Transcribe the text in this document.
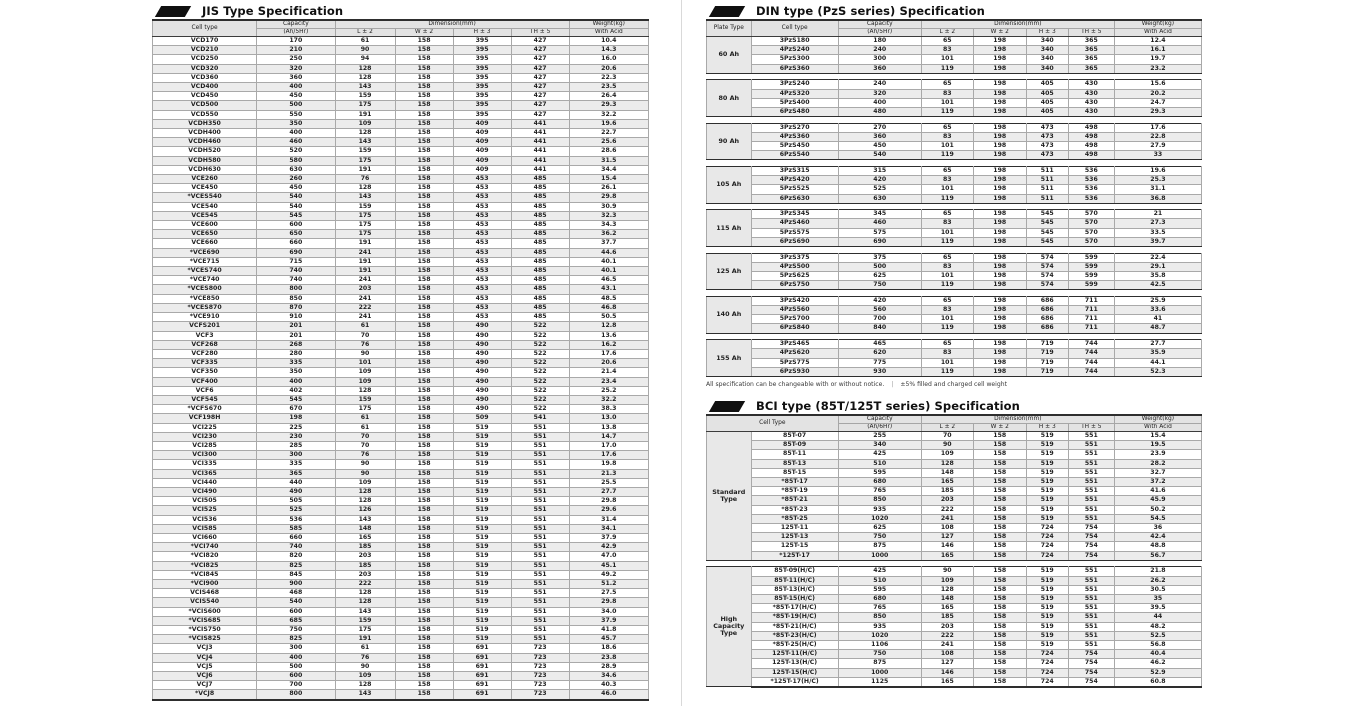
JIS Type Specification
Cell type	Capacity	Dimension(mm)				Weight(kg)
	(Ah/5Hr)	L ± 2	W ± 2	H ± 3	TH ± 5	With Acid
VCD170	170	61	158	395	427	10.4
VCD210	210	90	158	395	427	14.3
VCD250	250	94	158	395	427	16.0
VCD320	320	128	158	395	427	20.6
VCD360	360	128	158	395	427	22.3
VCD400	400	143	158	395	427	23.5
VCD450	450	159	158	395	427	26.4
VCD500	500	175	158	395	427	29.3
VCD550	550	191	158	395	427	32.2
VCDH350	350	109	158	409	441	19.6
VCDH400	400	128	158	409	441	22.7
VCDH460	460	143	158	409	441	25.6
VCDH520	520	159	158	409	441	28.6
VCDH580	580	175	158	409	441	31.5
VCDH630	630	191	158	409	441	34.4
VCE260	260	76	158	453	485	15.4
VCE450	450	128	158	453	485	26.1
*VCES540	540	143	158	453	485	29.8
VCE540	540	159	158	453	485	30.9
VCE545	545	175	158	453	485	32.3
VCE600	600	175	158	453	485	34.3
VCE650	650	175	158	453	485	36.2
VCE660	660	191	158	453	485	37.7
*VCE690	690	241	158	453	485	44.6
*VCE715	715	191	158	453	485	40.1
*VCES740	740	191	158	453	485	40.1
*VCE740	740	241	158	453	485	46.5
*VCES800	800	203	158	453	485	43.1
*VCE850	850	241	158	453	485	48.5
*VCES870	870	222	158	453	485	46.8
*VCE910	910	241	158	453	485	50.5
VCFS201	201	61	158	490	522	12.8
VCF3	201	70	158	490	522	13.6
VCF268	268	76	158	490	522	16.2
VCF280	280	90	158	490	522	17.6
VCF335	335	101	158	490	522	20.6
VCF350	350	109	158	490	522	21.4
VCF400	400	109	158	490	522	23.4
VCF6	402	128	158	490	522	25.2
VCF545	545	159	158	490	522	32.2
*VCFS670	670	175	158	490	522	38.3
VCF198H	198	61	158	509	541	13.0
VCI225	225	61	158	519	551	13.8
VCI230	230	70	158	519	551	14.7
VCI285	285	70	158	519	551	17.0
VCI300	300	76	158	519	551	17.6
VCI335	335	90	158	519	551	19.8
VCI365	365	90	158	519	551	21.3
VCI440	440	109	158	519	551	25.5
VCI490	490	128	158	519	551	27.7
VCI505	505	128	158	519	551	29.8
VCI525	525	126	158	519	551	29.6
VCI536	536	143	158	519	551	31.4
VCI585	585	148	158	519	551	34.1
VCI660	660	165	158	519	551	37.9
*VCI740	740	185	158	519	551	42.9
*VCI820	820	203	158	519	551	47.0
*VCI825	825	185	158	519	551	45.1
*VCI845	845	203	158	519	551	49.2
*VCI900	900	222	158	519	551	51.2
VCIS468	468	128	158	519	551	27.5
VCIS540	540	128	158	519	551	29.8
*VCIS600	600	143	158	519	551	34.0
*VCIS685	685	159	158	519	551	37.9
*VCIS750	750	175	158	519	551	41.8
*VCIS825	825	191	158	519	551	45.7
VCJ3	300	61	158	691	723	18.6
VCJ4	400	76	158	691	723	23.8
VCJ5	500	90	158	691	723	28.9
VCJ6	600	109	158	691	723	34.6
VCJ7	700	128	158	691	723	40.3
*VCJ8	800	143	158	691	723	46.0
DIN type (PzS series) Specification
Plate Type	Cell type	Capacity	Dimension(mm)				Weight(kg)
		(Ah/5Hr)	L ± 2	W ± 2	H ± 3	TH ± 5	With Acid
60 Ah	3PzS180	180	65	198	340	365	12.4
	4PzS240	240	83	198	340	365	16.1
	5PzS300	300	101	198	340	365	19.7
	6PzS360	360	119	198	340	365	23.2

80 Ah	3PzS240	240	65	198	405	430	15.6
	4PzS320	320	83	198	405	430	20.2
	5PzS400	400	101	198	405	430	24.7
	6PzS480	480	119	198	405	430	29.3

90 Ah	3PzS270	270	65	198	473	498	17.6
	4PzS360	360	83	198	473	498	22.8
	5PzS450	450	101	198	473	498	27.9
	6PzS540	540	119	198	473	498	33

105 Ah	3PzS315	315	65	198	511	536	19.6
	4PzS420	420	83	198	511	536	25.3
	5PzS525	525	101	198	511	536	31.1
	6PzS630	630	119	198	511	536	36.8

115 Ah	3PzS345	345	65	198	545	570	21
	4PzS460	460	83	198	545	570	27.3
	5PzS575	575	101	198	545	570	33.5
	6PzS690	690	119	198	545	570	39.7

125 Ah	3PzS375	375	65	198	574	599	22.4
	4PzS500	500	83	198	574	599	29.1
	5PzS625	625	101	198	574	599	35.8
	6PzS750	750	119	198	574	599	42.5

140 Ah	3PzS420	420	65	198	686	711	25.9
	4PzS560	560	83	198	686	711	33.6
	5PzS700	700	101	198	686	711	41
	6PzS840	840	119	198	686	711	48.7

155 Ah	3PzS465	465	65	198	719	744	27.7
	4PzS620	620	83	198	719	744	35.9
	5PzS775	775	101	198	719	744	44.1
	6PzS930	930	119	198	719	744	52.3
All specification can be changeable with or without notice. | ±5% filled and charged cell weight
BCI type (85T/125T series) Specification
Cell Type		Capacity	Dimension(mm)				Weight(kg)
		(Ah/6Hr)	L ± 2	W ± 2	H ± 3	TH ± 5	With Acid
Standard Type	85T-07	255	70	158	519	551	15.4
	85T-09	340	90	158	519	551	19.5
	85T-11	425	109	158	519	551	23.9
	85T-13	510	128	158	519	551	28.2
	85T-15	595	148	158	519	551	32.7
	*85T-17	680	165	158	519	551	37.2
	*85T-19	765	185	158	519	551	41.6
	*85T-21	850	203	158	519	551	45.9
	*85T-23	935	222	158	519	551	50.2
	*85T-25	1020	241	158	519	551	54.5
	125T-11	625	108	158	724	754	36
	125T-13	750	127	158	724	754	42.4
	125T-15	875	146	158	724	754	48.8
	*125T-17	1000	165	158	724	754	56.7

High Capacity Type	85T-09(H/C)	425	90	158	519	551	21.8
	85T-11(H/C)	510	109	158	519	551	26.2
	85T-13(H/C)	595	128	158	519	551	30.5
	85T-15(H/C)	680	148	158	519	551	35
	*85T-17(H/C)	765	165	158	519	551	39.5
	*85T-19(H/C)	850	185	158	519	551	44
	*85T-21(H/C)	935	203	158	519	551	48.2
	*85T-23(H/C)	1020	222	158	519	551	52.5
	*85T-25(H/C)	1106	241	158	519	551	56.8
	125T-11(H/C)	750	108	158	724	754	40.4
	125T-13(H/C)	875	127	158	724	754	46.2
	125T-15(H/C)	1000	146	158	724	754	52.9
	*125T-17(H/C)	1125	165	158	724	754	60.8
